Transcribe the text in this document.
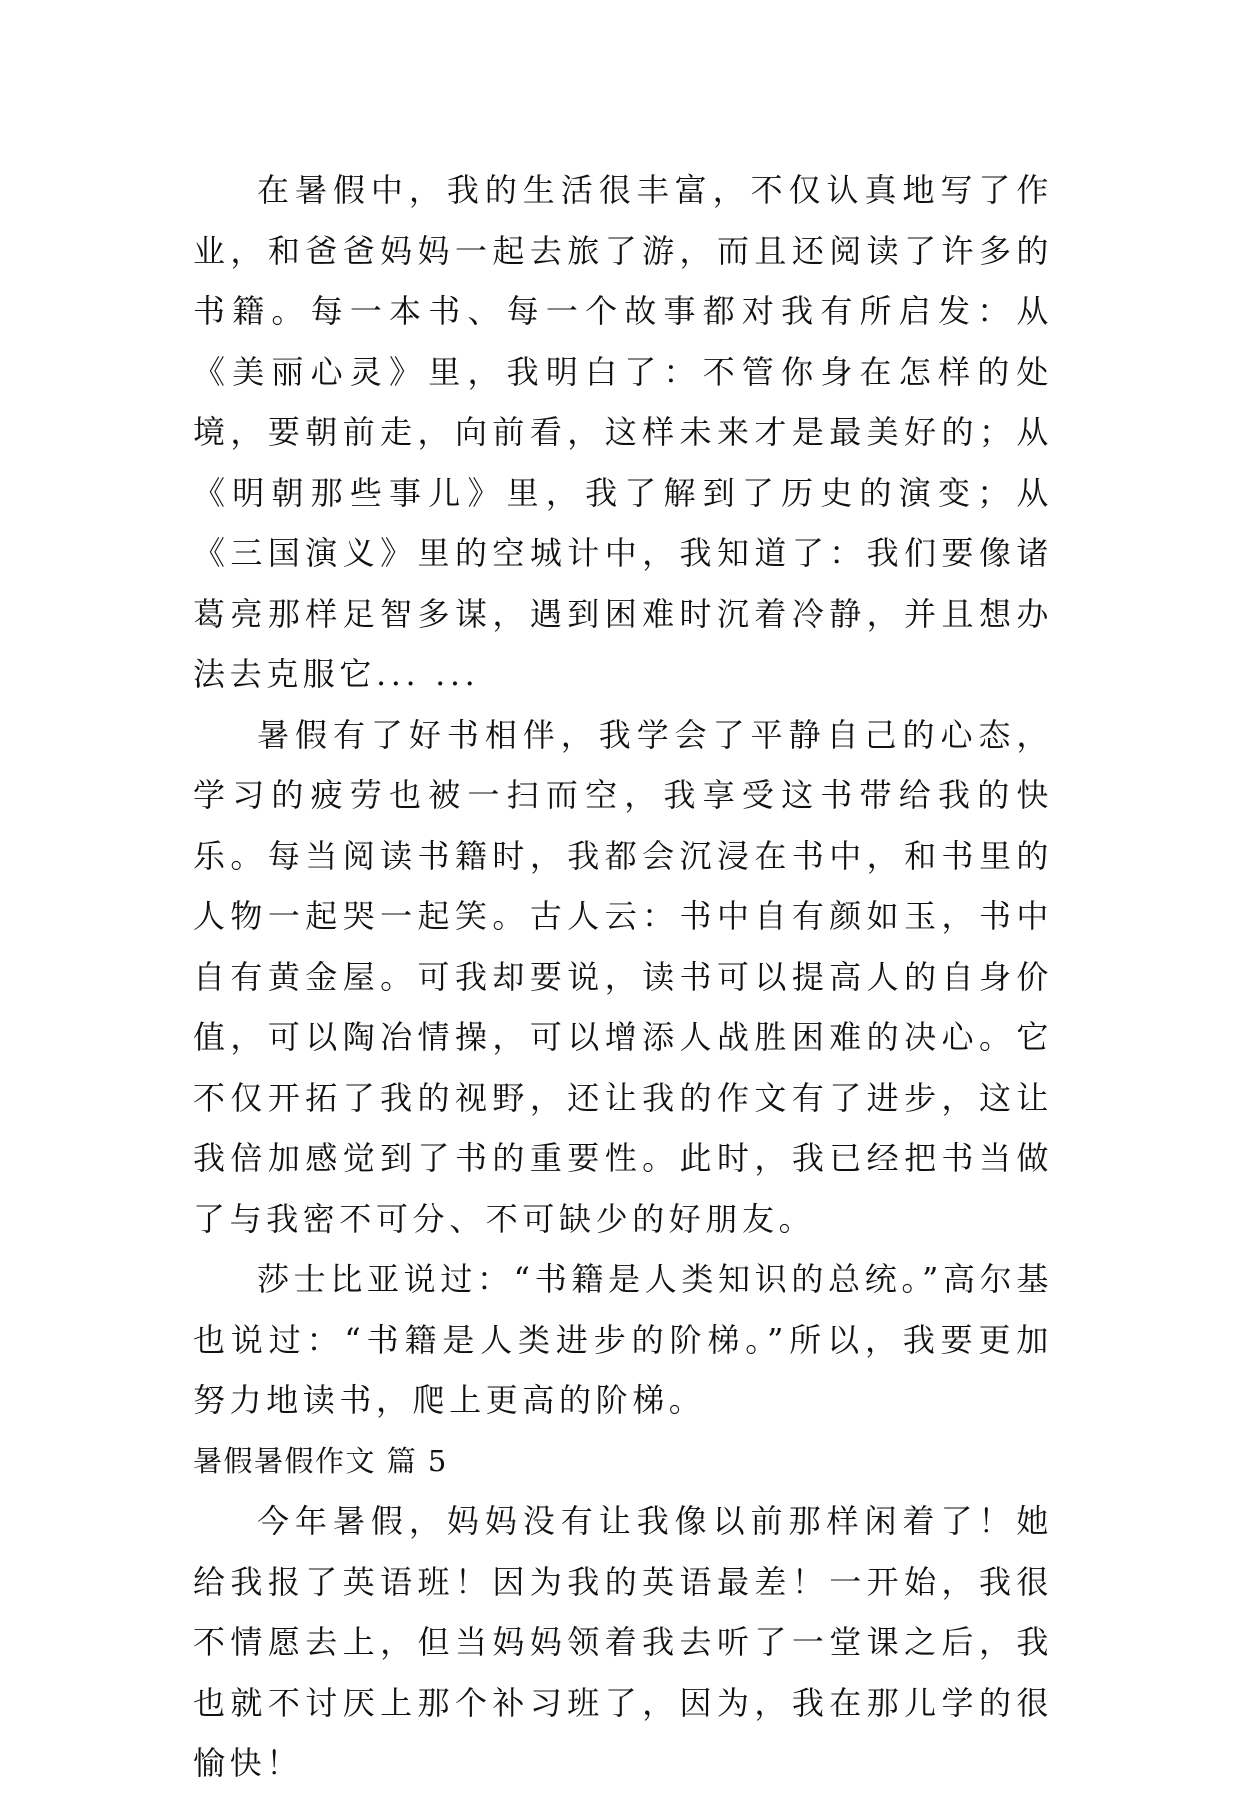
在暑假中，我的生活很丰富，不仅认真地写了作业，和爸爸妈妈一起去旅了游，而且还阅读了许多的书籍。每一本书、每一个故事都对我有所启发：从《美丽心灵》里，我明白了：不管你身在怎样的处境，要朝前走，向前看，这样未来才是最美好的；从《明朝那些事儿》里，我了解到了历史的演变；从《三国演义》里的空城计中，我知道了：我们要像诸葛亮那样足智多谋，遇到困难时沉着冷静，并且想办法去克服它... ...

暑假有了好书相伴，我学会了平静自己的心态，学习的疲劳也被一扫而空，我享受这书带给我的快乐。每当阅读书籍时，我都会沉浸在书中，和书里的人物一起哭一起笑。古人云：书中自有颜如玉，书中自有黄金屋。可我却要说，读书可以提高人的自身价值，可以陶冶情操，可以增添人战胜困难的决心。它不仅开拓了我的视野，还让我的作文有了进步，这让我倍加感觉到了书的重要性。此时，我已经把书当做了与我密不可分、不可缺少的好朋友。

莎士比亚说过：“书籍是人类知识的总统。”高尔基也说过：“书籍是人类进步的阶梯。”所以，我要更加努力地读书，爬上更高的阶梯。

暑假暑假作文 篇 5

今年暑假，妈妈没有让我像以前那样闲着了！她给我报了英语班！因为我的英语最差！一开始，我很不情愿去上，但当妈妈领着我去听了一堂课之后，我也就不讨厌上那个补习班了，因为，我在那儿学的很愉快！
